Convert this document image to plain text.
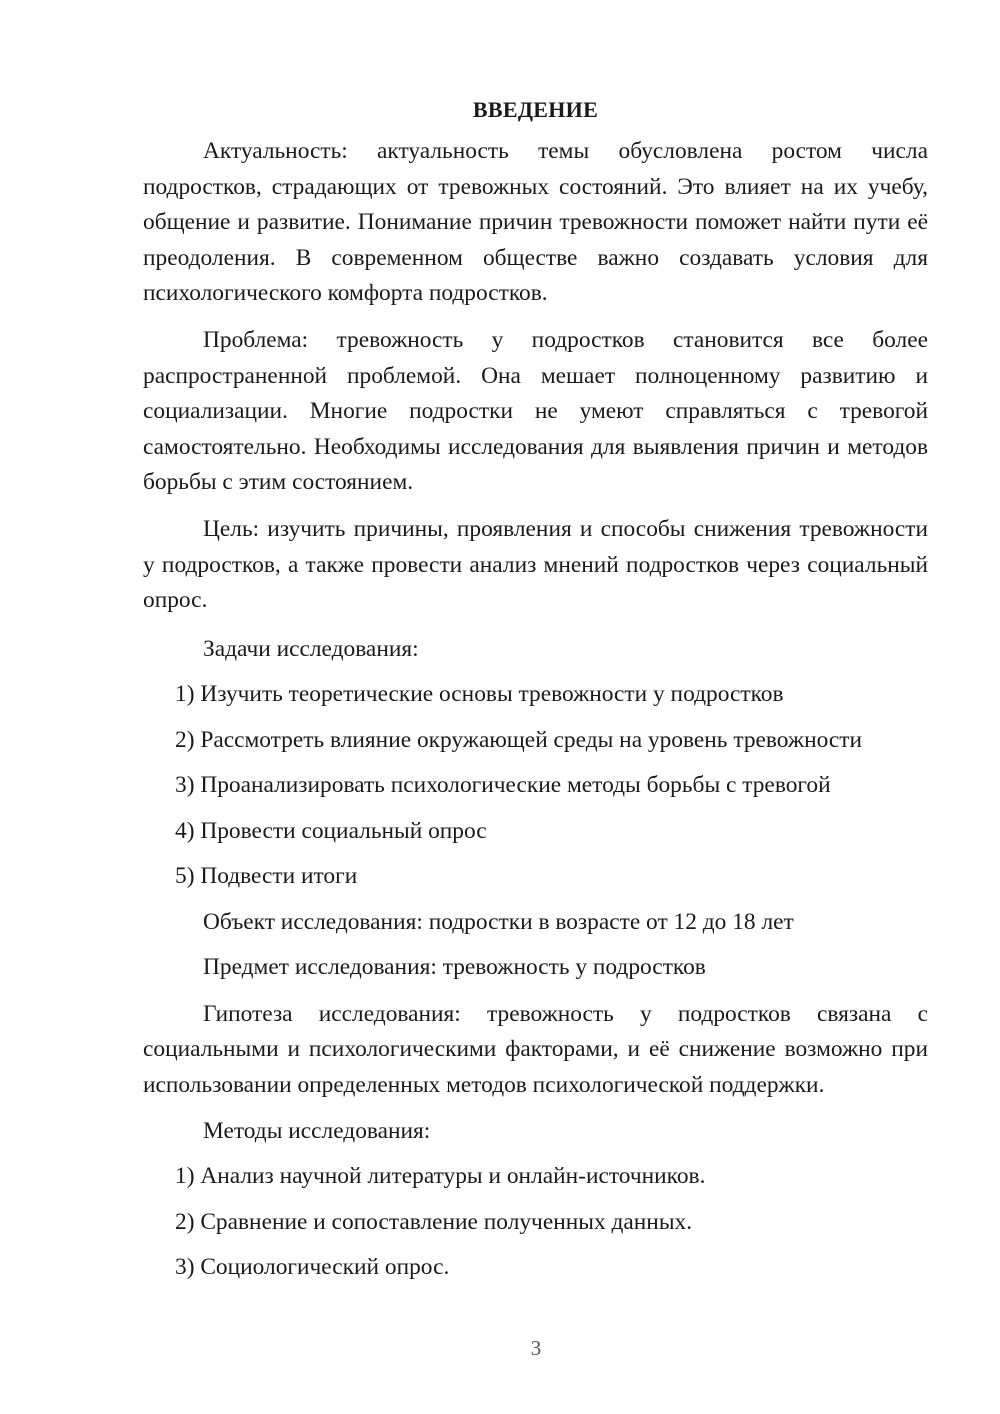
ВВЕДЕНИЕ

Актуальность: актуальность темы обусловлена ростом числа подростков, страдающих от тревожных состояний. Это влияет на их учебу, общение и развитие. Понимание причин тревожности поможет найти пути её преодоления. В современном обществе важно создавать условия для психологического комфорта подростков.

Проблема: тревожность у подростков становится все более распространенной проблемой. Она мешает полноценному развитию и социализации. Многие подростки не умеют справляться с тревогой самостоятельно. Необходимы исследования для выявления причин и методов борьбы с этим состоянием.

Цель: изучить причины, проявления и способы снижения тревожности у подростков, а также провести анализ мнений подростков через социальный опрос.

Задачи исследования:
1) Изучить теоретические основы тревожности у подростков
2) Рассмотреть влияние окружающей среды на уровень тревожности
3) Проанализировать психологические методы борьбы с тревогой
4) Провести социальный опрос
5) Подвести итоги
Объект исследования: подростки в возрасте от 12 до 18 лет
Предмет исследования: тревожность у подростков

Гипотеза исследования: тревожность у подростков связана с социальными и психологическими факторами, и её снижение возможно при использовании определенных методов психологической поддержки.

Методы исследования:
1) Анализ научной литературы и онлайн-источников.
2) Сравнение и сопоставление полученных данных.
3) Социологический опрос.
3
